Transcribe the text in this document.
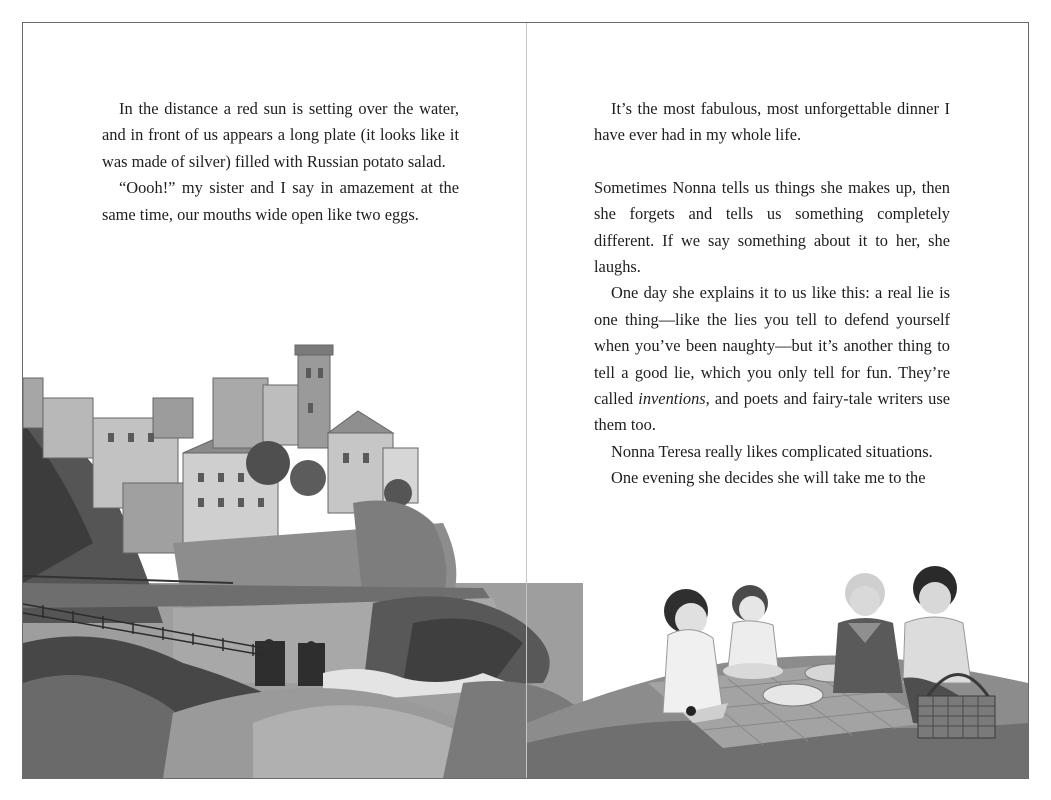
In the distance a red sun is setting over the water, and in front of us appears a long plate (it looks like it was made of silver) filled with Russian potato salad.

“Oooh!” my sister and I say in amazement at the same time, our mouths wide open like two eggs.

It’s the most fabulous, most unforgettable dinner I have ever had in my whole life.

Sometimes Nonna tells us things she makes up, then she forgets and tells us something completely different. If we say something about it to her, she laughs.

One day she explains it to us like this: a real lie is one thing—like the lies you tell to defend yourself when you’ve been naughty—but it’s another thing to tell a good lie, which you only tell for fun. They’re called inventions, and poets and fairy-tale writers use them too.

Nonna Teresa really likes complicated situations.

One evening she decides she will take me to the
